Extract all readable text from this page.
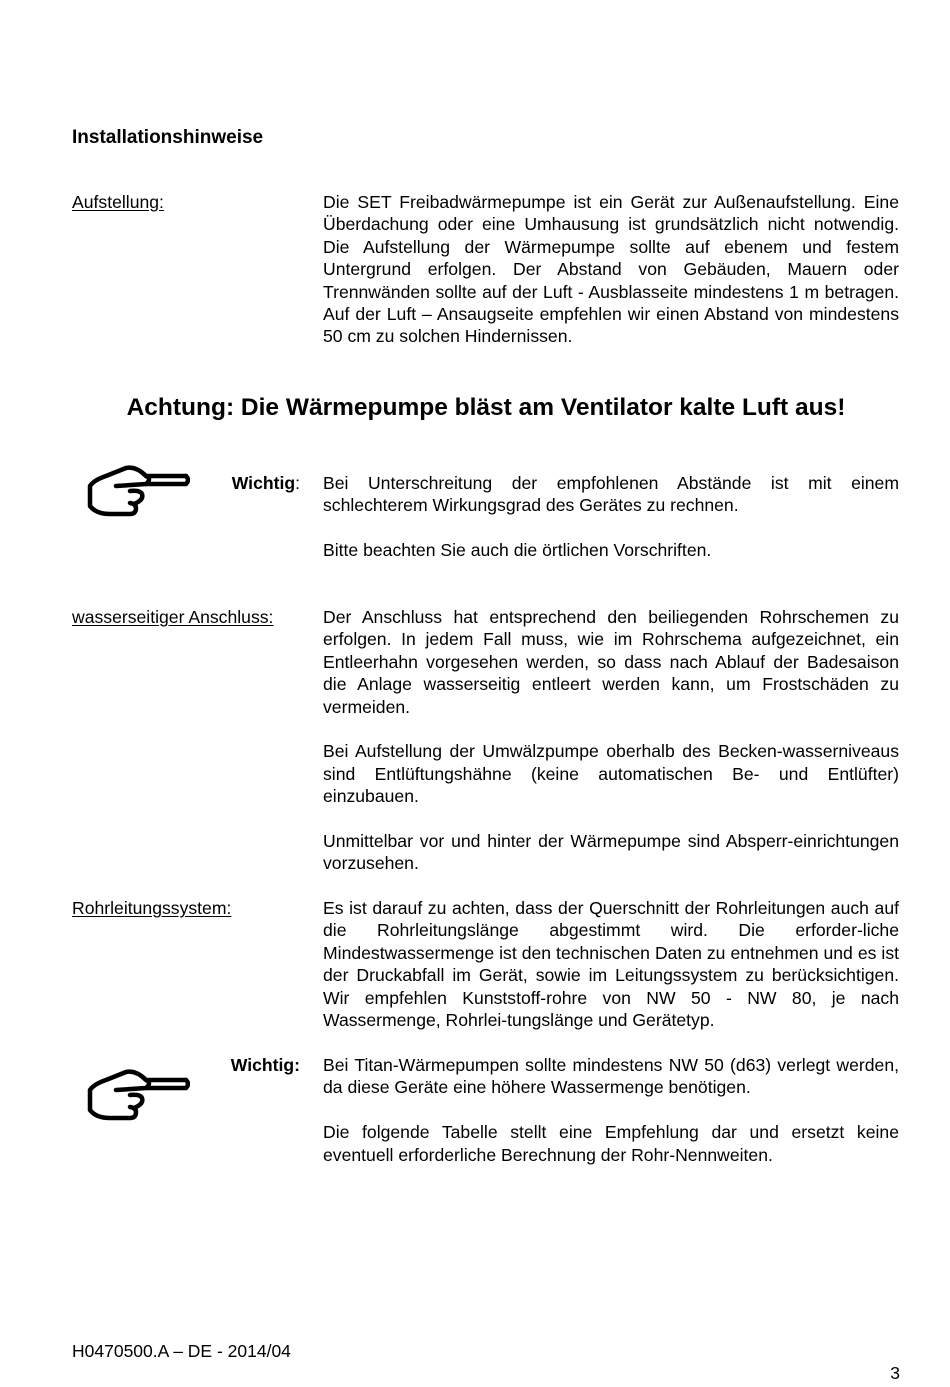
Installationshinweise
Aufstellung:	Die SET Freibadwärmepumpe ist ein Gerät zur Außenaufstellung. Eine Überdachung oder eine Umhausung ist grundsätzlich nicht notwendig. Die Aufstellung der Wärmepumpe sollte auf ebenem und festem Untergrund erfolgen. Der Abstand von Gebäuden, Mauern oder Trennwänden sollte auf der Luft - Ausblasseite mindestens 1 m betragen. Auf der Luft – Ansaugseite empfehlen wir einen Abstand von mindestens 50 cm zu solchen Hindernissen.

Achtung: Die Wärmepumpe bläst am Ventilator kalte Luft aus!
Wichtig: Bei Unterschreitung der empfohlenen Abstände ist mit einem schlechterem Wirkungsgrad des Gerätes zu rechnen.

Bitte beachten Sie auch die örtlichen Vorschriften.

wasserseitiger Anschluss:	Der Anschluss hat entsprechend den beiliegenden Rohrschemen zu erfolgen. In jedem Fall muss, wie im Rohrschema aufgezeichnet, ein Entleerhahn vorgesehen werden, so dass nach Ablauf der Badesaison die Anlage wasserseitig entleert werden kann, um Frostschäden zu vermeiden.

Bei Aufstellung der Umwälzpumpe oberhalb des Becken-wasserniveaus sind Entlüftungshähne (keine automatischen Be- und Entlüfter) einzubauen.

Unmittelbar vor und hinter der Wärmepumpe sind Absperr-einrichtungen vorzusehen.

Rohrleitungssystem:	Es ist darauf zu achten, dass der Querschnitt der Rohrleitungen auch auf die Rohrleitungslänge abgestimmt wird. Die erforder-liche Mindestwassermenge ist den technischen Daten zu entnehmen und es ist der Druckabfall im Gerät, sowie im Leitungssystem zu berücksichtigen. Wir empfehlen Kunststoff-rohre von NW 50 - NW 80, je nach Wassermenge, Rohrlei-tungslänge und Gerätetyp.

Wichtig: Bei Titan-Wärmepumpen sollte mindestens NW 50 (d63) verlegt werden, da diese Geräte eine höhere Wassermenge benötigen.

Die folgende Tabelle stellt eine Empfehlung dar und ersetzt keine eventuell erforderliche Berechnung der Rohr-Nennweiten.

H0470500.A – DE - 2014/04
3
